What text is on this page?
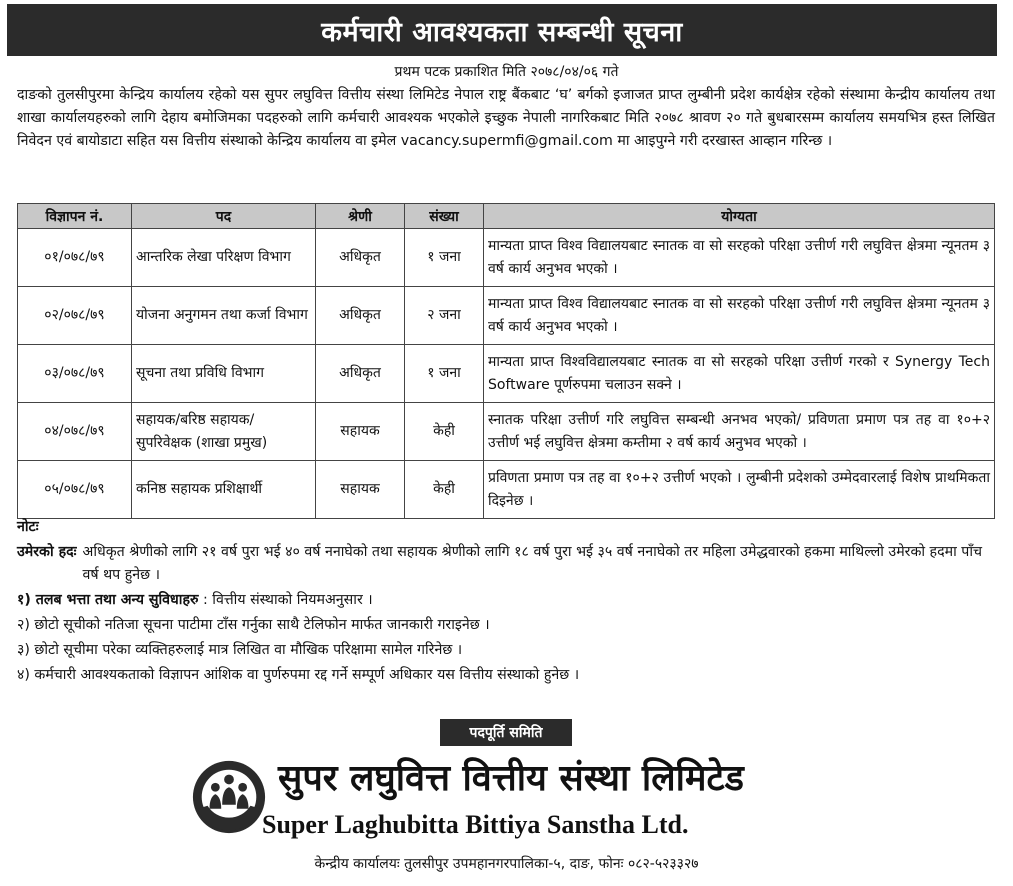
कर्मचारी आवश्यकता सम्बन्धी सूचना
प्रथम पटक प्रकाशित मिति २०७८/०४/०६ गते
दाङको तुलसीपुरमा केन्द्रिय कार्यालय रहेको यस सुपर लघुवित्त वित्तीय संस्था लिमिटेड नेपाल राष्ट्र बैंकबाट ‘घ’ बर्गको इजाजत प्राप्त लुम्बीनी प्रदेश कार्यक्षेत्र रहेको संस्थामा केन्द्रीय कार्यालय तथा शाखा कार्यालयहरुको लागि देहाय बमोजिमका पदहरुको लागि कर्मचारी आवश्यक भएकोले इच्छुक नेपाली नागरिकबाट मिति २०७८ श्रावण २० गते बुधबारसम्म कार्यालय समयभित्र हस्त लिखित निवेदन एवं बायोडाटा सहित यस वित्तीय संस्थाको केन्द्रिय कार्यालय वा इमेल vacancy.supermfi@gmail.com मा आइपुग्ने गरी दरखास्त आव्हान गरिन्छ ।
विज्ञापन नं.	पद	श्रेणी	संख्या	योग्यता
०१/०७८/७९	आन्तरिक लेखा परिक्षण विभाग	अधिकृत	१ जना	मान्यता प्राप्त विश्व विद्यालयबाट स्नातक वा सो सरहको परिक्षा उत्तीर्ण गरी लघुवित्त क्षेत्रमा न्यूनतम ३ वर्ष कार्य अनुभव भएको ।
०२/०७८/७९	योजना अनुगमन तथा कर्जा विभाग	अधिकृत	२ जना	मान्यता प्राप्त विश्व विद्यालयबाट स्नातक वा सो सरहको परिक्षा उत्तीर्ण गरी लघुवित्त क्षेत्रमा न्यूनतम ३ वर्ष कार्य अनुभव भएको ।
०३/०७८/७९	सूचना तथा प्रविधि विभाग	अधिकृत	१ जना	मान्यता प्राप्त विश्वविद्यालयबाट स्नातक वा सो सरहको परिक्षा उत्तीर्ण गरको र Synergy Tech Software पूर्णरुपमा चलाउन सक्ने ।
०४/०७८/७९	सहायक/बरिष्ठ सहायक/ सुपरिवेक्षक (शाखा प्रमुख)	सहायक	केही	स्नातक परिक्षा उत्तीर्ण गरि लघुवित्त सम्बन्धी अनभव भएको/ प्रविणता प्रमाण पत्र तह वा १०+२ उत्तीर्ण भई लघुवित्त क्षेत्रमा कम्तीमा २ वर्ष कार्य अनुभव भएको ।
०५/०७८/७९	कनिष्ठ सहायक प्रशिक्षार्थी	सहायक	केही	प्रविणता प्रमाण पत्र तह वा १०+२ उत्तीर्ण भएको । लुम्बीनी प्रदेशको उम्मेदवारलाई विशेष प्राथमिकता दिइनेछ ।
नोटः
उमेरको हदः अधिकृत श्रेणीको लागि २१ वर्ष पुरा भई ४० वर्ष ननाघेको तथा सहायक श्रेणीको लागि १८ वर्ष पुरा भई ३५ वर्ष ननाघेको तर महिला उमेद्धवारको हकमा माथिल्लो उमेरको हदमा पाँच वर्ष थप हुनेछ ।
१) तलब भत्ता तथा अन्य सुविधाहरु : वित्तीय संस्थाको नियमअनुसार ।
२) छोटो सूचीको नतिजा सूचना पाटीमा टाँस गर्नुका साथै टेलिफोन मार्फत जानकारी गराइनेछ ।
३) छोटो सूचीमा परेका व्यक्तिहरुलाई मात्र लिखित वा मौखिक परिक्षामा सामेल गरिनेछ ।
४) कर्मचारी आवश्यकताको विज्ञापन आंशिक वा पुर्णरुपमा रद्द गर्ने सम्पूर्ण अधिकार यस वित्तीय संस्थाको हुनेछ ।
पदपूर्ति समिति
सुपर लघुवित्त वित्तीय संस्था लिमिटेड
Super Laghubitta Bittiya Sanstha Ltd.
केन्द्रीय कार्यालयः तुलसीपुर उपमहानगरपालिका-५, दाङ, फोनः ०८२-५२३३२७
